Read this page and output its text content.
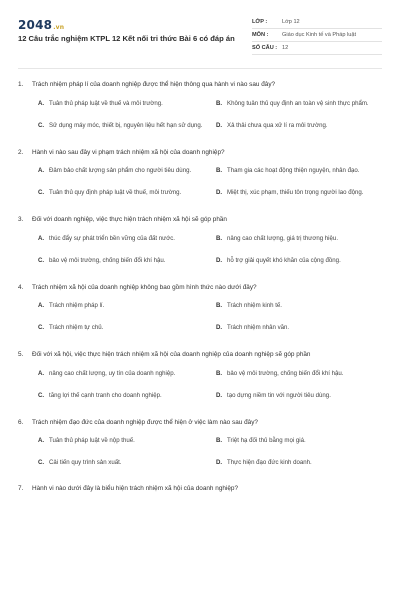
2048.vn
12 Câu trắc nghiệm KTPL 12 Kết nối tri thức Bài 6 có đáp án
LỚP :	Lớp 12
MÔN :	Giáo dục Kinh tế và Pháp luật
SỐ CÂU : 12
1.	Trách nhiệm pháp lí của doanh nghiệp được thể hiện thông qua hành vi nào sau đây?
A. Tuân thủ pháp luật về thuế và môi trường.	B. Không tuân thủ quy định an toàn vệ sinh thực phẩm.
C. Sử dụng máy móc, thiết bị, nguyên liệu hết hạn sử dụng. D. Xả thải chưa qua xử lí ra môi trường.
2.	Hành vi nào sau đây vi phạm trách nhiệm xã hội của doanh nghiệp?
A. Đảm bảo chất lượng sản phẩm cho người tiêu dùng.	B. Tham gia các hoạt động thiện nguyện, nhân đạo.
C. Tuân thủ quy định pháp luật về thuế, môi trường.	D. Miệt thị, xúc phạm, thiếu tôn trọng người lao động.
3.	Đối với doanh nghiệp, việc thực hiện trách nhiệm xã hội sẽ góp phần
A. thúc đẩy sự phát triển bền vững của đất nước.	B. nâng cao chất lượng, giá trị thương hiệu.
C. bảo vệ môi trường, chống biến đổi khí hậu.	D. hỗ trợ giải quyết khó khăn của cộng đồng.
4.	Trách nhiệm xã hội của doanh nghiệp không bao gồm hình thức nào dưới đây?
A. Trách nhiệm pháp lí.	B. Trách nhiệm kinh tế.
C. Trách nhiệm tự chủ.	D. Trách nhiệm nhân văn.
5.	Đối với xã hội, việc thực hiện trách nhiệm xã hội của doanh nghiệp của doanh nghiệp sẽ góp phần
A. nâng cao chất lượng, uy tín của doanh nghiệp.	B. bảo vệ môi trường, chống biến đổi khí hậu.
C. tăng lợi thế cạnh tranh cho doanh nghiệp.	D. tạo dựng niềm tin với người tiêu dùng.
6.	Trách nhiệm đạo đức của doanh nghiệp được thể hiện ở việc làm nào sau đây?
A. Tuân thủ pháp luật về nộp thuế.	B. Triệt hạ đối thủ bằng mọi giá.
C. Cải tiến quy trình sản xuất.	D. Thực hiện đạo đức kinh doanh.
7.	Hành vi nào dưới đây là biểu hiện trách nhiệm xã hội của doanh nghiệp?
